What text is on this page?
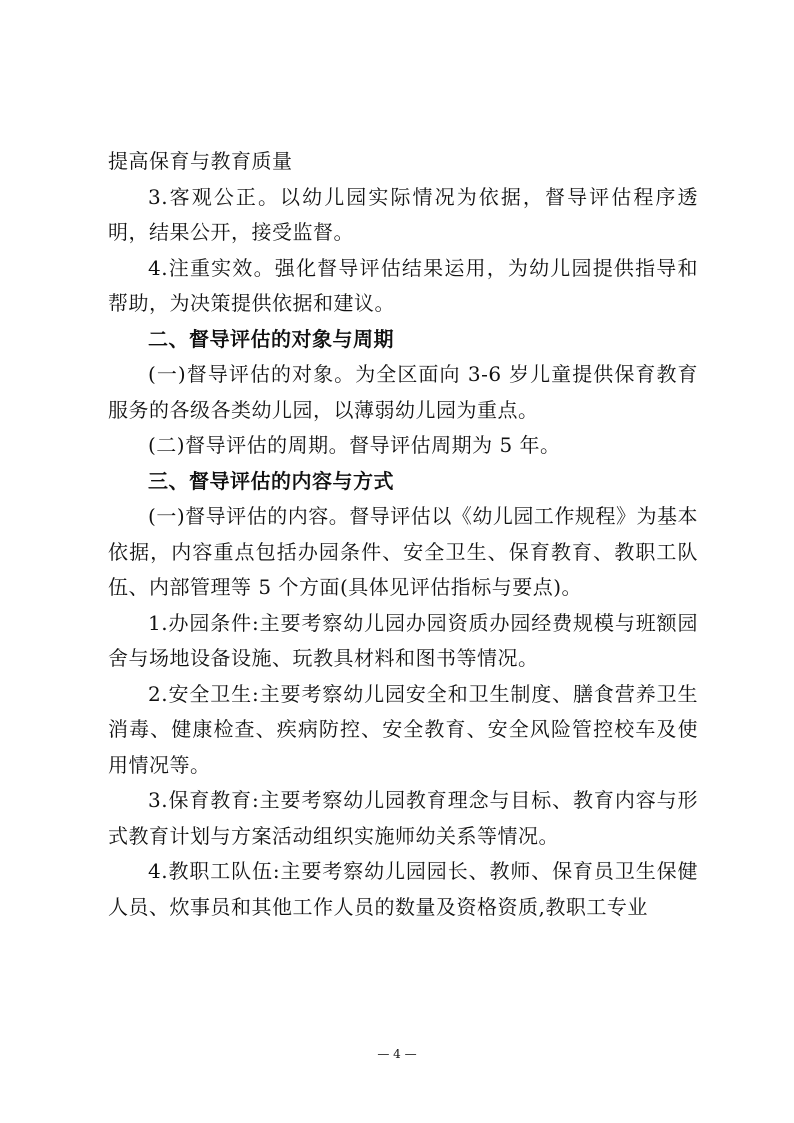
提高保育与教育质量

3.客观公正。以幼儿园实际情况为依据，督导评估程序透明，结果公开，接受监督。

4.注重实效。强化督导评估结果运用，为幼儿园提供指导和帮助，为决策提供依据和建议。

二、督导评估的对象与周期

(一)督导评估的对象。为全区面向 3-6 岁儿童提供保育教育服务的各级各类幼儿园，以薄弱幼儿园为重点。

(二)督导评估的周期。督导评估周期为 5 年。

三、督导评估的内容与方式

(一)督导评估的内容。督导评估以《幼儿园工作规程》为基本依据，内容重点包括办园条件、安全卫生、保育教育、教职工队伍、内部管理等 5 个方面(具体见评估指标与要点)。

1.办园条件:主要考察幼儿园办园资质办园经费规模与班额园舍与场地设备设施、玩教具材料和图书等情况。

2.安全卫生:主要考察幼儿园安全和卫生制度、膳食营养卫生消毒、健康检查、疾病防控、安全教育、安全风险管控校车及使用情况等。

3.保育教育:主要考察幼儿园教育理念与目标、教育内容与形式教育计划与方案活动组织实施师幼关系等情况。

4.教职工队伍:主要考察幼儿园园长、教师、保育员卫生保健人员、炊事员和其他工作人员的数量及资格资质,教职工专业

— 4 —
